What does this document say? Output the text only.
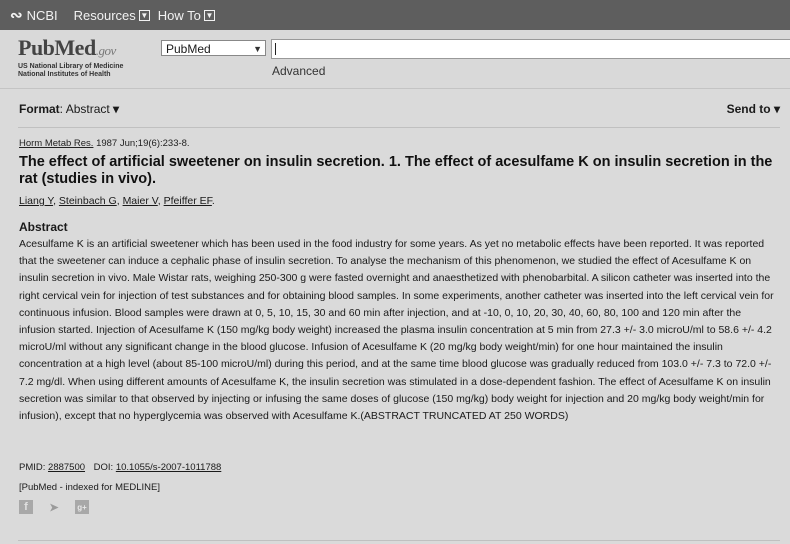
∾ NCBI Resources ▼ How To ▼
PubMed.gov
US National Library of Medicine
National Institutes of Health
PubMed	▼
Advanced
Format: Abstract ▾	Send to ▾
Horm Metab Res. 1987 Jun;19(6):233-8.
The effect of artificial sweetener on insulin secretion. 1. The effect of acesulfame K on insulin secretion in the rat (studies in vivo).
Liang Y, Steinbach G, Maier V, Pfeiffer EF.
Abstract
Acesulfame K is an artificial sweetener which has been used in the food industry for some years. As yet no metabolic effects have been reported. It was reported that the sweetener can induce a cephalic phase of insulin secretion. To analyse the mechanism of this phenomenon, we studied the effect of Acesulfame K on insulin secretion in vivo. Male Wistar rats, weighing 250-300 g were fasted overnight and anaesthetized with phenobarbital. A silicon catheter was inserted into the right cervical vein for injection of test substances and for obtaining blood samples. In some experiments, another catheter was inserted into the left cervical vein for continuous infusion. Blood samples were drawn at 0, 5, 10, 15, 30 and 60 min after injection, and at -10, 0, 10, 20, 30, 40, 60, 80, 100 and 120 min after the infusion started. Injection of Acesulfame K (150 mg/kg body weight) increased the plasma insulin concentration at 5 min from 27.3 +/- 3.0 microU/ml to 58.6 +/- 4.2 microU/ml without any significant change in the blood glucose. Infusion of Acesulfame K (20 mg/kg body weight/min) for one hour maintained the insulin concentration at a high level (about 85-100 microU/ml) during this period, and at the same time blood glucose was gradually reduced from 103.0 +/- 7.3 to 72.0 +/- 7.2 mg/dl. When using different amounts of Acesulfame K, the insulin secretion was stimulated in a dose-dependent fashion. The effect of Acesulfame K on insulin secretion was similar to that observed by injecting or infusing the same doses of glucose (150 mg/kg) body weight for injection and 20 mg/kg body weight/min for infusion), except that no hyperglycemia was observed with Acesulfame K.(ABSTRACT TRUNCATED AT 250 WORDS)
PMID: 2887500 DOI: 10.1055/s-2007-1011788
[PubMed - indexed for MEDLINE]
f	➤ g+
